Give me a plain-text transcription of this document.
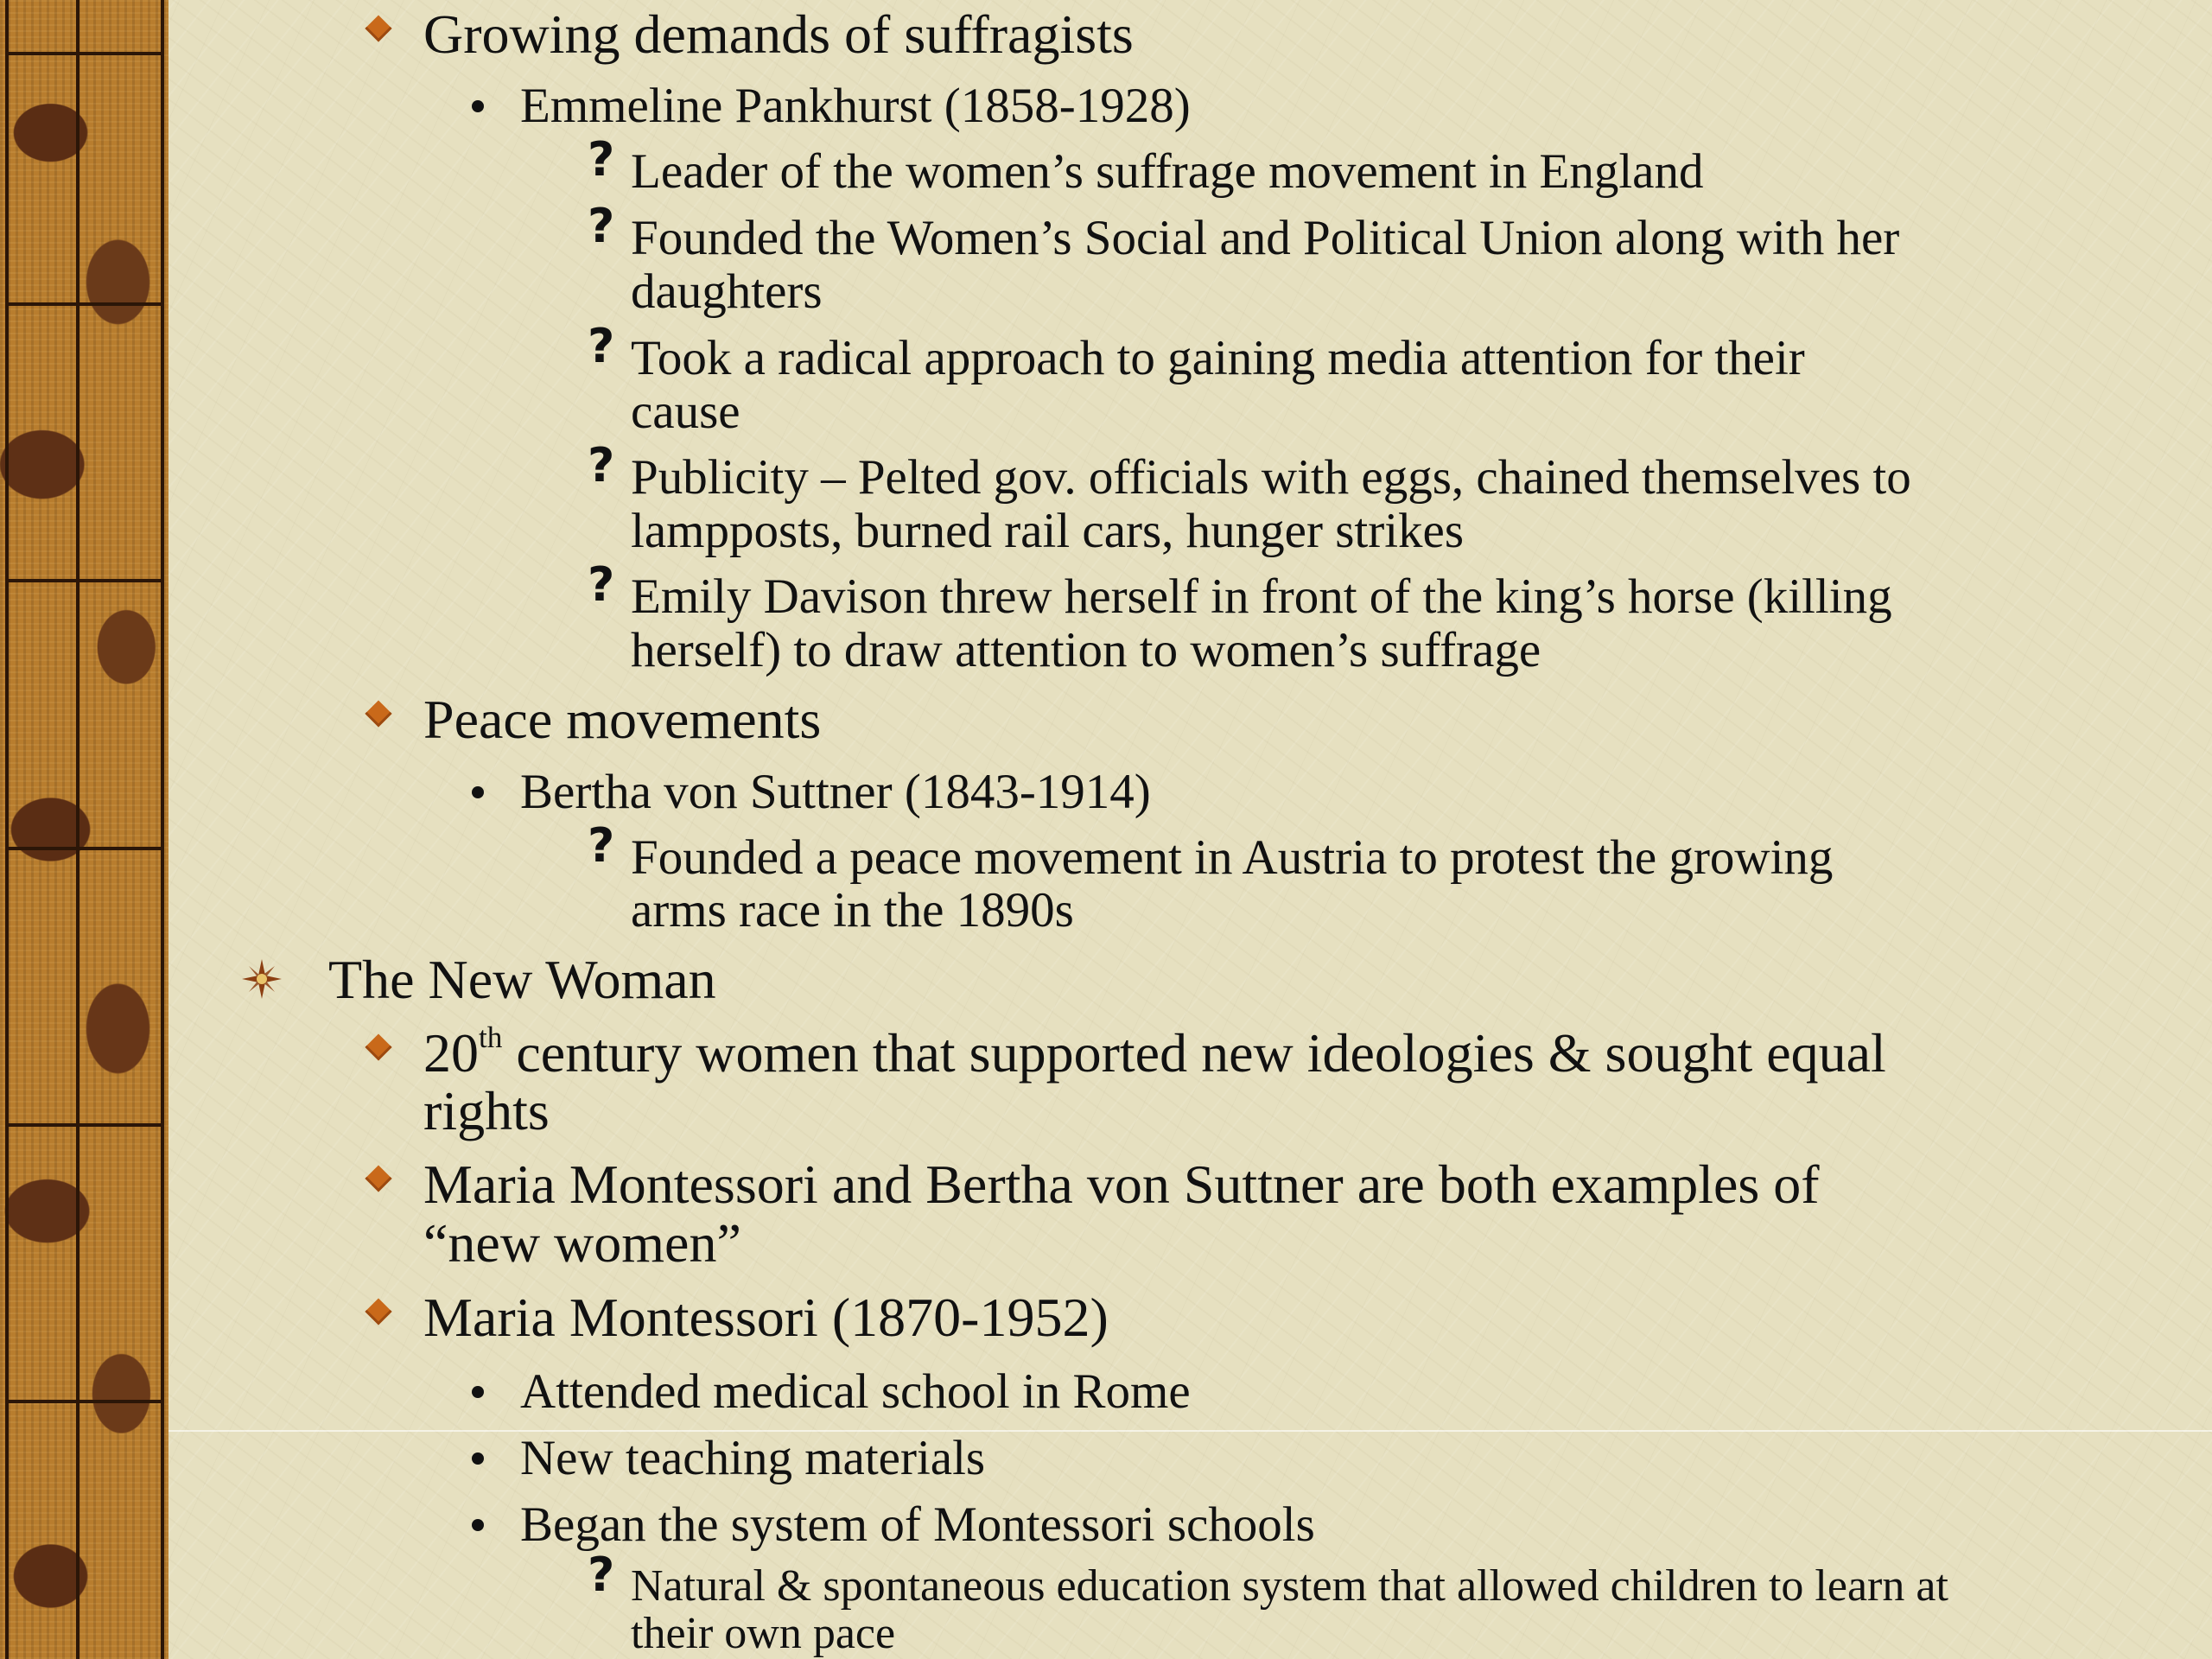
Growing demands of suffragists
Emmeline Pankhurst (1858-1928)
? Leader of the women’s suffrage movement in England
? Founded the Women’s Social and Political Union along with her
daughters
? Took a radical approach to gaining media attention for their
cause
? Publicity – Pelted gov. officials with eggs, chained themselves to
lampposts, burned rail cars, hunger strikes
? Emily Davison threw herself in front of the king’s horse (killing
herself) to draw attention to women’s suffrage
Peace movements
Bertha von Suttner (1843-1914)
? Founded a peace movement in Austria to protest the growing
arms race in the 1890s
The New Woman
20th century women that supported new ideologies & sought equal
rights
Maria Montessori and Bertha von Suttner are both examples of
“new women”
Maria Montessori (1870-1952)
Attended medical school in Rome
New teaching materials
Began the system of Montessori schools
? Natural & spontaneous education system that allowed children to learn at
their own pace
